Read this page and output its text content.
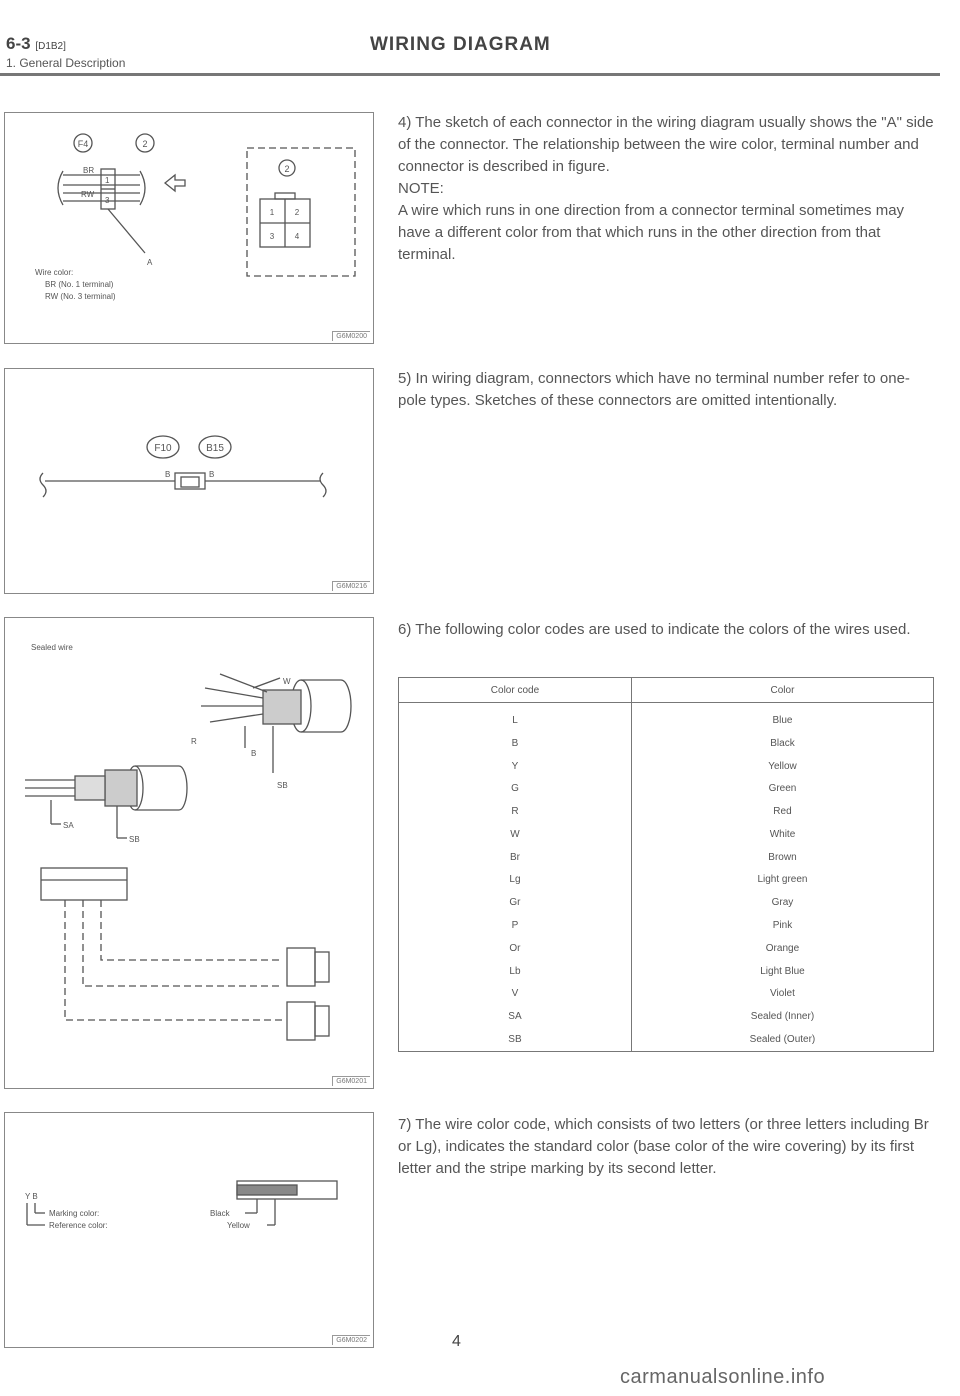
6-3 [D1B2]
1. General Description
WIRING DIAGRAM
F4	2
2
BR
RW
1
3
A
1	2
3	4
Wire color:
BR (No. 1 terminal)
RW (No. 3 terminal)
G6M0200
F10	B15
B	B
G6M0216
Sealed wire
W
R
B
SB
SA
SB
G6M0201
Y B
Marking color:	Black
Reference color:	Yellow
G6M0202

4) The sketch of each connector in the wiring diagram usually shows the "A" side of the connector. The relationship between the wire color, terminal number and connector is described in figure.
NOTE:
A wire which runs in one direction from a connector terminal sometimes may have a different color from that which runs in the other direction from that terminal.

5) In wiring diagram, connectors which have no terminal number refer to one-pole types. Sketches of these connectors are omitted intentionally.

6) The following color codes are used to indicate the colors of the wires used.

Color code	Color
L	Blue
B	Black
Y	Yellow
G	Green
R	Red
W	White
Br	Brown
Lg	Light green
Gr	Gray
P	Pink
Or	Orange
Lb	Light Blue
V	Violet
SA	Sealed (Inner)
SB	Sealed (Outer)

7) The wire color code, which consists of two letters (or three letters including Br or Lg), indicates the standard color (base color of the wire covering) by its first letter and the stripe marking by its second letter.

4
carmanualsonline.info
